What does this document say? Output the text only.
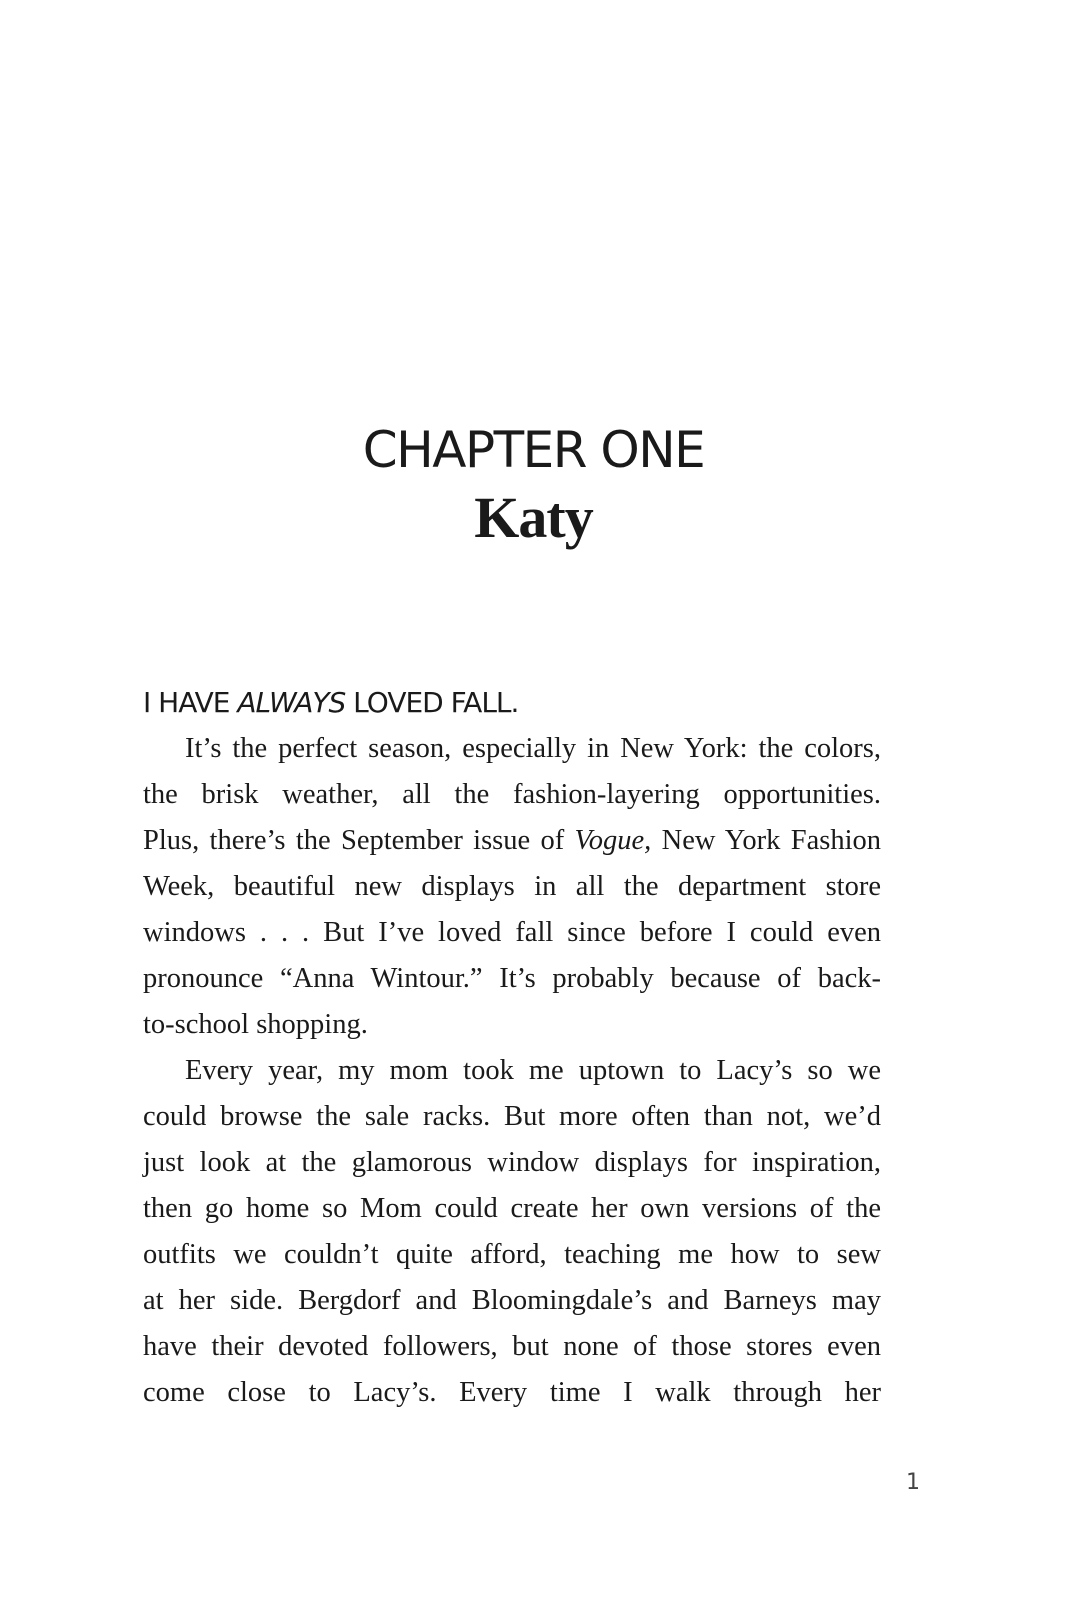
CHAPTER ONE
Katy
I HAVE ALWAYS LOVED FALL.
It’s the perfect season, especially in New York: the colors,
the brisk weather, all the fashion-layering opportunities.
Plus, there’s the September issue of Vogue, New York Fashion
Week, beautiful new displays in all the department store
windows . . . But I’ve loved fall since before I could even
pronounce “Anna Wintour.” It’s probably because of back-
to-school shopping.
Every year, my mom took me uptown to Lacy’s so we
could browse the sale racks. But more often than not, we’d
just look at the glamorous window displays for inspiration,
then go home so Mom could create her own versions of the
outfits we couldn’t quite afford, teaching me how to sew
at her side. Bergdorf and Bloomingdale’s and Barneys may
have their devoted followers, but none of those stores even
come close to Lacy’s. Every time I walk through her
1
